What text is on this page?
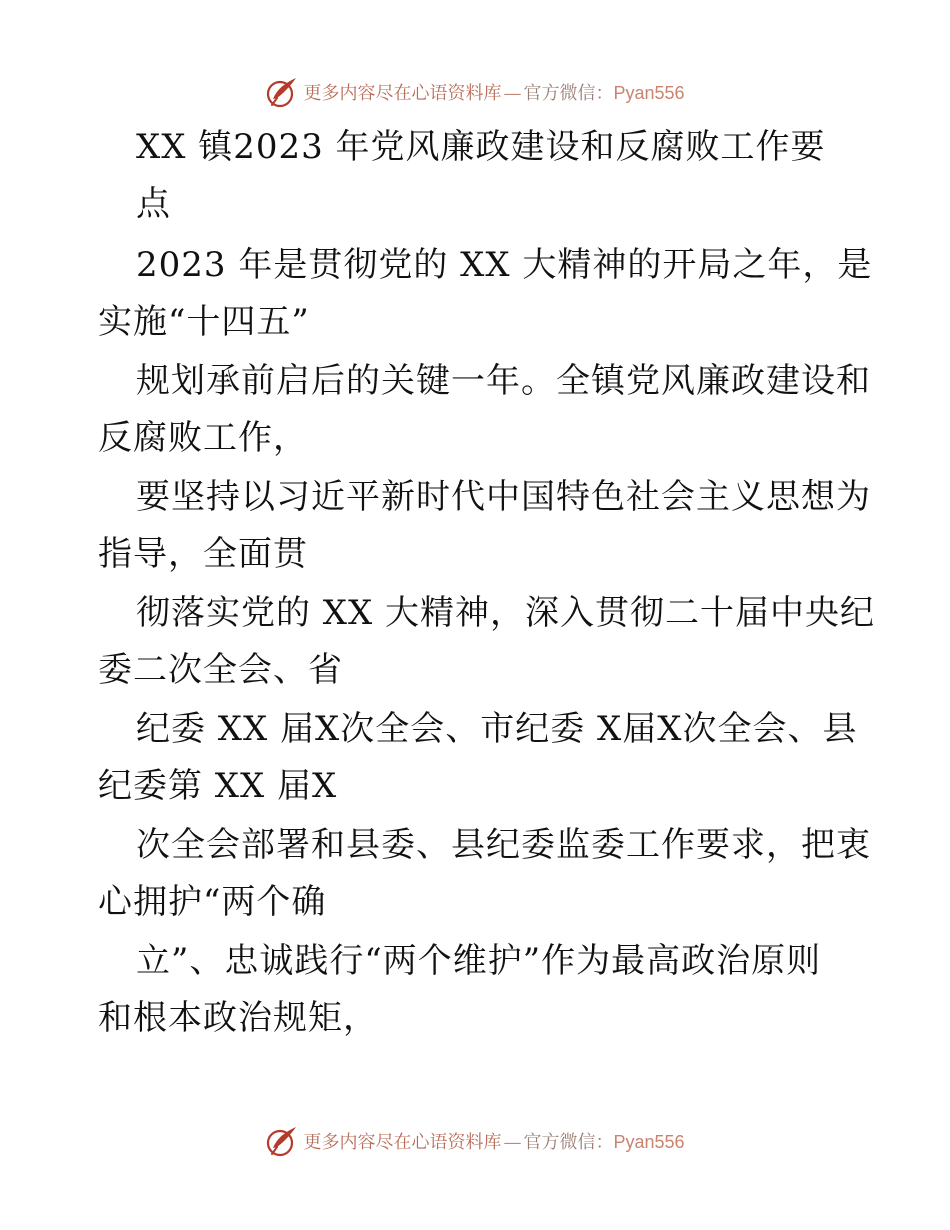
更多内容尽在心语资料库 — 官方微信：Pyan556
XX 镇2023 年党风廉政建设和反腐败工作要
点
2023 年是贯彻党的 XX 大精神的开局之年，是
实施“十四五”
规划承前启后的关键一年。全镇党风廉政建设和
反腐败工作，
要坚持以习近平新时代中国特色社会主义思想为
指导，全面贯
彻落实党的 XX 大精神，深入贯彻二十届中央纪
委二次全会、省
纪委 XX 届X次全会、市纪委 X届X次全会、县
纪委第 XX 届X
次全会部署和县委、县纪委监委工作要求，把衷
心拥护“两个确
立”、忠诚践行“两个维护”作为最高政治原则
和根本政治规矩，
更多内容尽在心语资料库 — 官方微信：Pyan556
